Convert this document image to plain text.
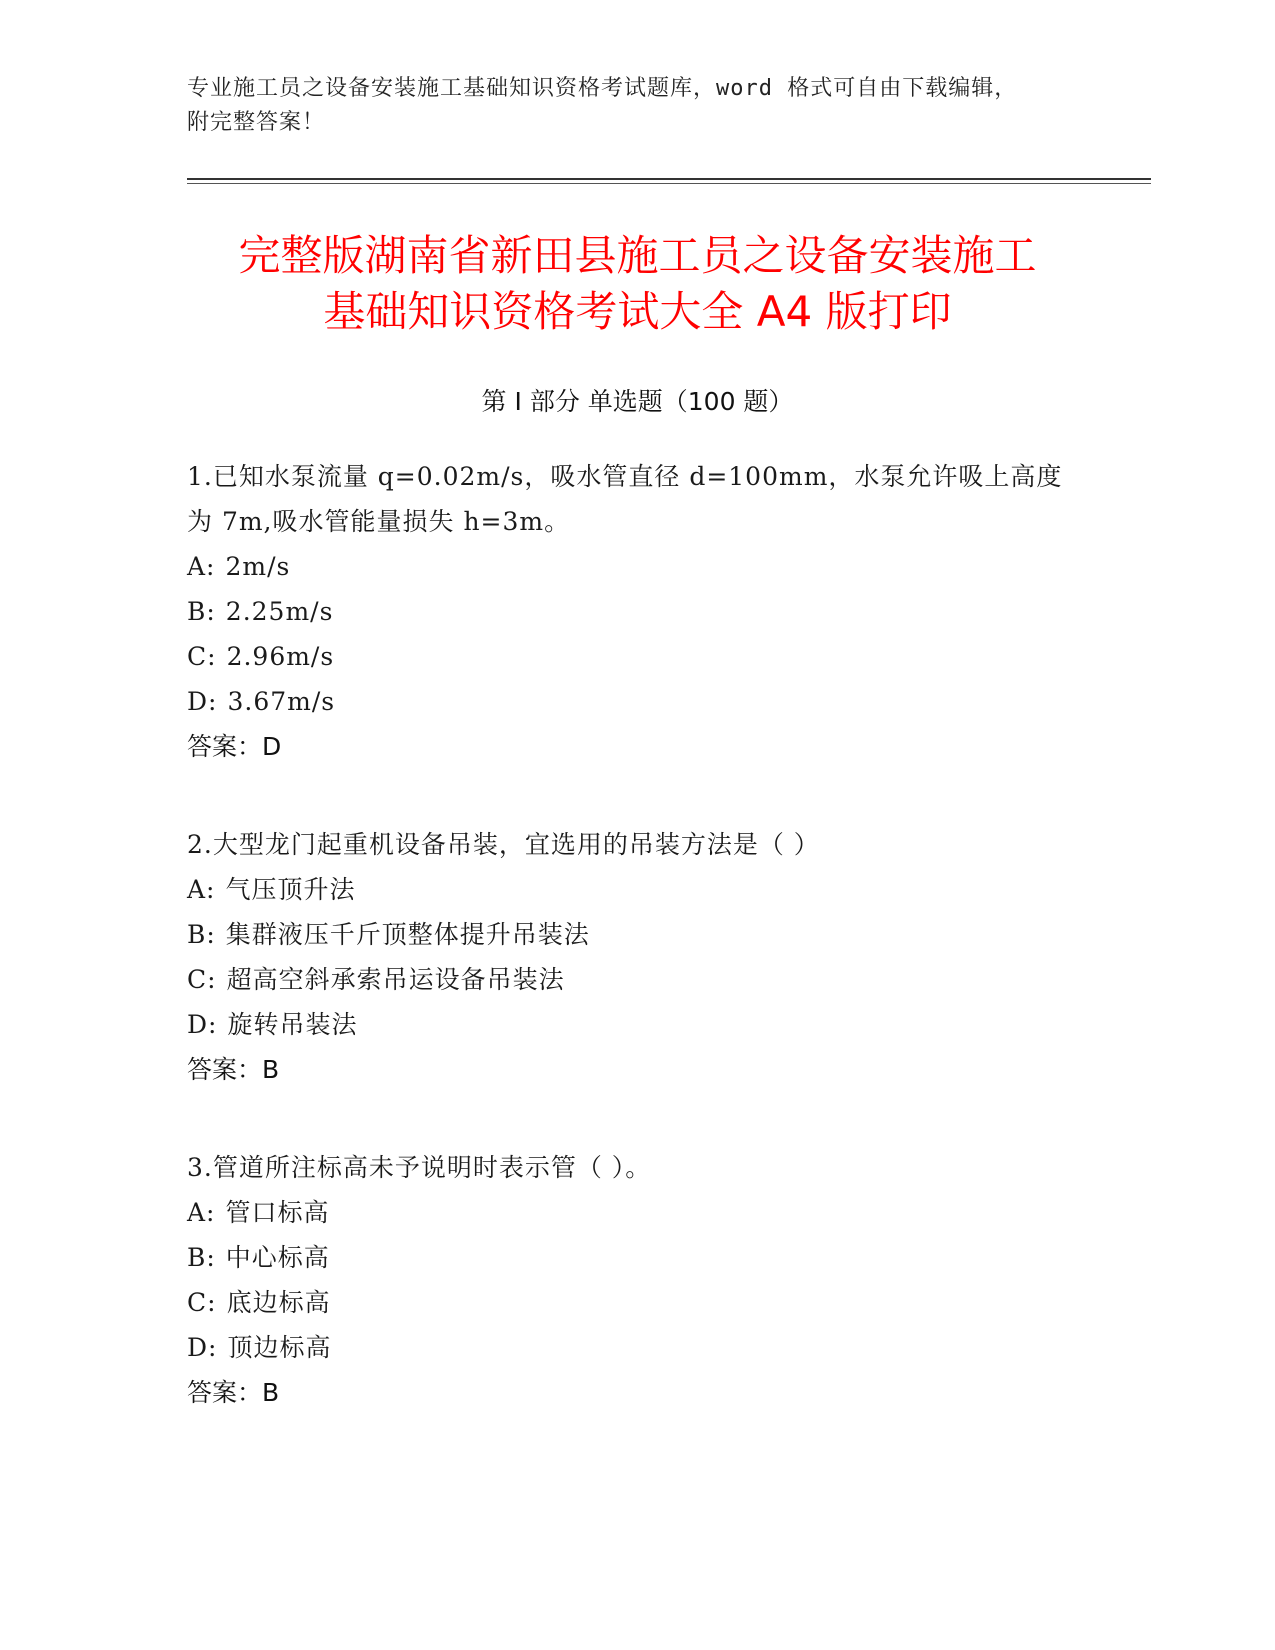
专业施工员之设备安装施工基础知识资格考试题库，word 格式可自由下载编辑，
附完整答案！
完整版湖南省新田县施工员之设备安装施工
基础知识资格考试大全 A4 版打印
第 I 部分 单选题（100 题）
1.已知水泵流量 q=0.02m/s，吸水管直径 d=100mm，水泵允许吸上高度
为 7m,吸水管能量损失 h=3m。
A: 2m/s
B: 2.25m/s
C: 2.96m/s
D: 3.67m/s
答案：D
2.大型龙门起重机设备吊装，宜选用的吊装方法是（ ）
A: 气压顶升法
B: 集群液压千斤顶整体提升吊装法
C: 超高空斜承索吊运设备吊装法
D: 旋转吊装法
答案：B
3.管道所注标高未予说明时表示管（ ）。
A: 管口标高
B: 中心标高
C: 底边标高
D: 顶边标高
答案：B
